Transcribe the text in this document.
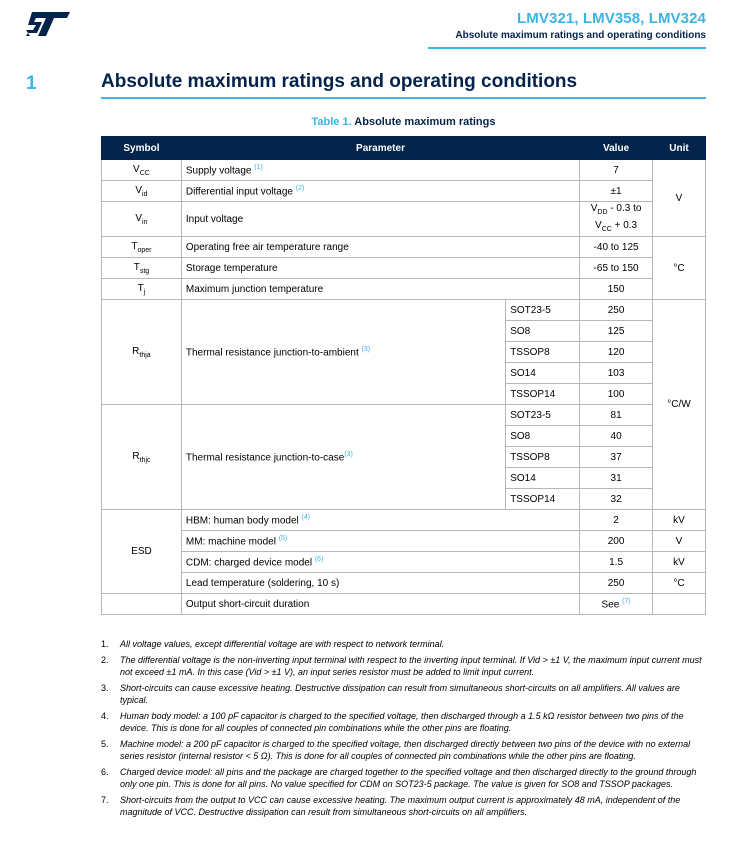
LMV321, LMV358, LMV324
Absolute maximum ratings and operating conditions
1	Absolute maximum ratings and operating conditions
Table 1. Absolute maximum ratings
Symbol	Parameter		Value	Unit
$V_{CC}$	Supply voltage $^{(1)}$		7	V
$V_{id}$	Differential input voltage $^{(2)}$		±1	
$V_{in}$	Input voltage		$V_{DD} - 0.3$ to
$V_{CC} + 0.3$	
$T_{oper}$	Operating free air temperature range		-40 to 125	°C
$T_{stg}$	Storage temperature		-65 to 150	
$T_j$	Maximum junction temperature		150	
$R_{thja}$	Thermal resistance junction-to-ambient $^{(3)}$	SOT23-5	250	°C/W
		SO8	125	
		TSSOP8	120	
		SO14	103	
		TSSOP14	100	
$R_{thjc}$	Thermal resistance junction-to-case$^{(3)}$	SOT23-5	81	
		SO8	40	
		TSSOP8	37	
		SO14	31	
		TSSOP14	32	
ESD	HBM: human body model $^{(4)}$		2	kV
	MM: machine model $^{(5)}$		200	V
	CDM: charged device model $^{(6)}$		1.5	kV
	Lead temperature (soldering, 10 s)		250	°C
	Output short-circuit duration		See $^{(7)}$	
1. All voltage values, except differential voltage are with respect to network terminal.
2. The differential voltage is the non-inverting input terminal with respect to the inverting input terminal. If Vid > ±1 V, the maximum input current must not exceed ±1 mA. In this case (Vid > ±1 V), an input series resistor must be added to limit input current.
3. Short-circuits can cause excessive heating. Destructive dissipation can result from simultaneous short-circuits on all amplifiers. All values are typical.
4. Human body model: a 100 pF capacitor is charged to the specified voltage, then discharged through a 1.5 kΩ resistor between two pins of the device. This is done for all couples of connected pin combinations while the other pins are floating.
5. Machine model: a 200 pF capacitor is charged to the specified voltage, then discharged directly between two pins of the device with no external series resistor (internal resistor < 5 Ω). This is done for all couples of connected pin combinations while the other pins are floating.
6. Charged device model: all pins and the package are charged together to the specified voltage and then discharged directly to the ground through only one pin. This is done for all pins. No value specified for CDM on SOT23-5 package. The value is given for SO8 and TSSOP packages.
7. Short-circuits from the output to VCC can cause excessive heating. The maximum output current is approximately 48 mA, independent of the magnitude of VCC. Destructive dissipation can result from simultaneous short-circuits on all amplifiers.
